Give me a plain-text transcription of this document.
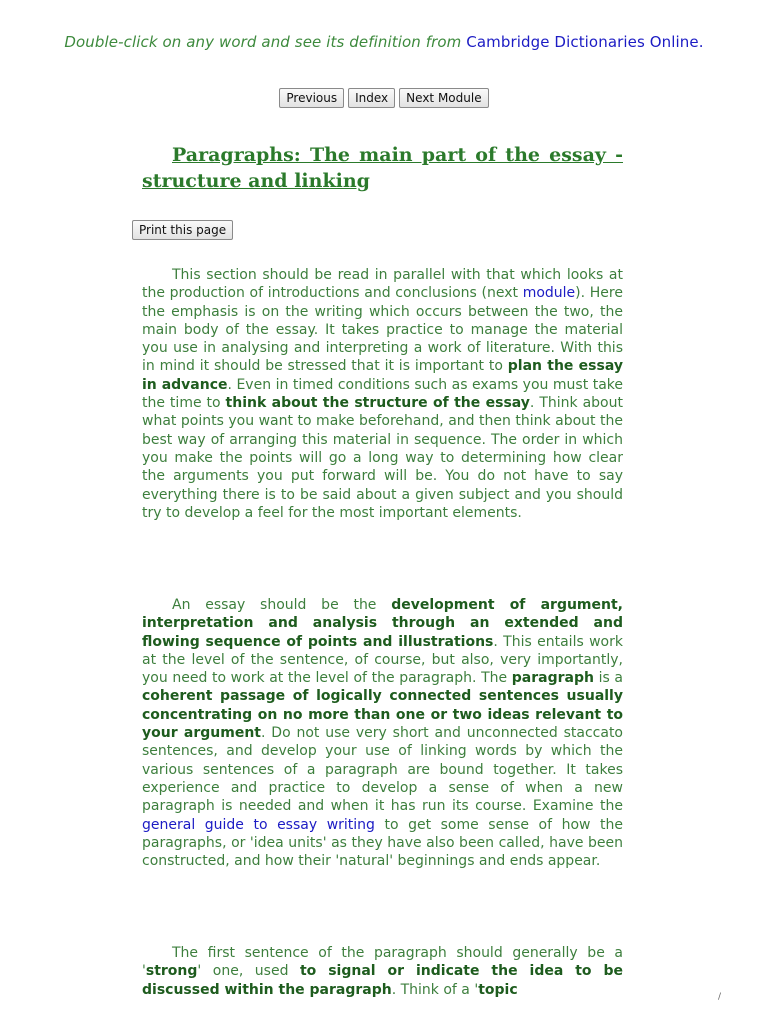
Double-click on any word and see its definition from Cambridge Dictionaries Online.
Previous Index Next Module
Paragraphs: The main part of the essay - structure and linking
Print this page

This section should be read in parallel with that which looks at the production of introductions and conclusions (next module). Here the emphasis is on the writing which occurs between the two, the main body of the essay. It takes practice to manage the material you use in analysing and interpreting a work of literature. With this in mind it should be stressed that it is important to plan the essay in advance. Even in timed conditions such as exams you must take the time to think about the structure of the essay. Think about what points you want to make beforehand, and then think about the best way of arranging this material in sequence. The order in which you make the points will go a long way to determining how clear the arguments you put forward will be. You do not have to say everything there is to be said about a given subject and you should try to develop a feel for the most important elements.

An essay should be the development of argument, interpretation and analysis through an extended and flowing sequence of points and illustrations. This entails work at the level of the sentence, of course, but also, very importantly, you need to work at the level of the paragraph. The paragraph is a coherent passage of logically connected sentences usually concentrating on no more than one or two ideas relevant to your argument. Do not use very short and unconnected staccato sentences, and develop your use of linking words by which the various sentences of a paragraph are bound together. It takes experience and practice to develop a sense of when a new paragraph is needed and when it has run its course. Examine the general guide to essay writing to get some sense of how the paragraphs, or 'idea units' as they have also been called, have been constructed, and how their 'natural' beginnings and ends appear.

The first sentence of the paragraph should generally be a 'strong' one, used to signal or indicate the idea to be discussed within the paragraph. Think of a 'topic	/
